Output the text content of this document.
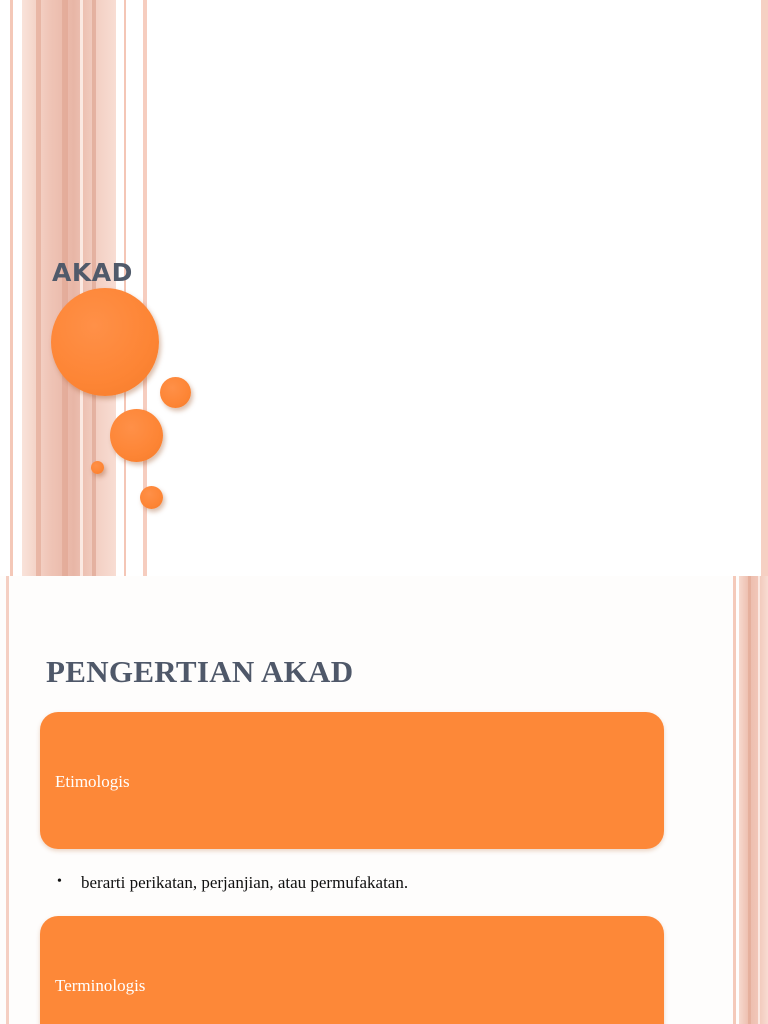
AKAD
PENGERTIAN AKAD
Etimologis
•	berarti perikatan, perjanjian, atau permufakatan.
Terminologis
